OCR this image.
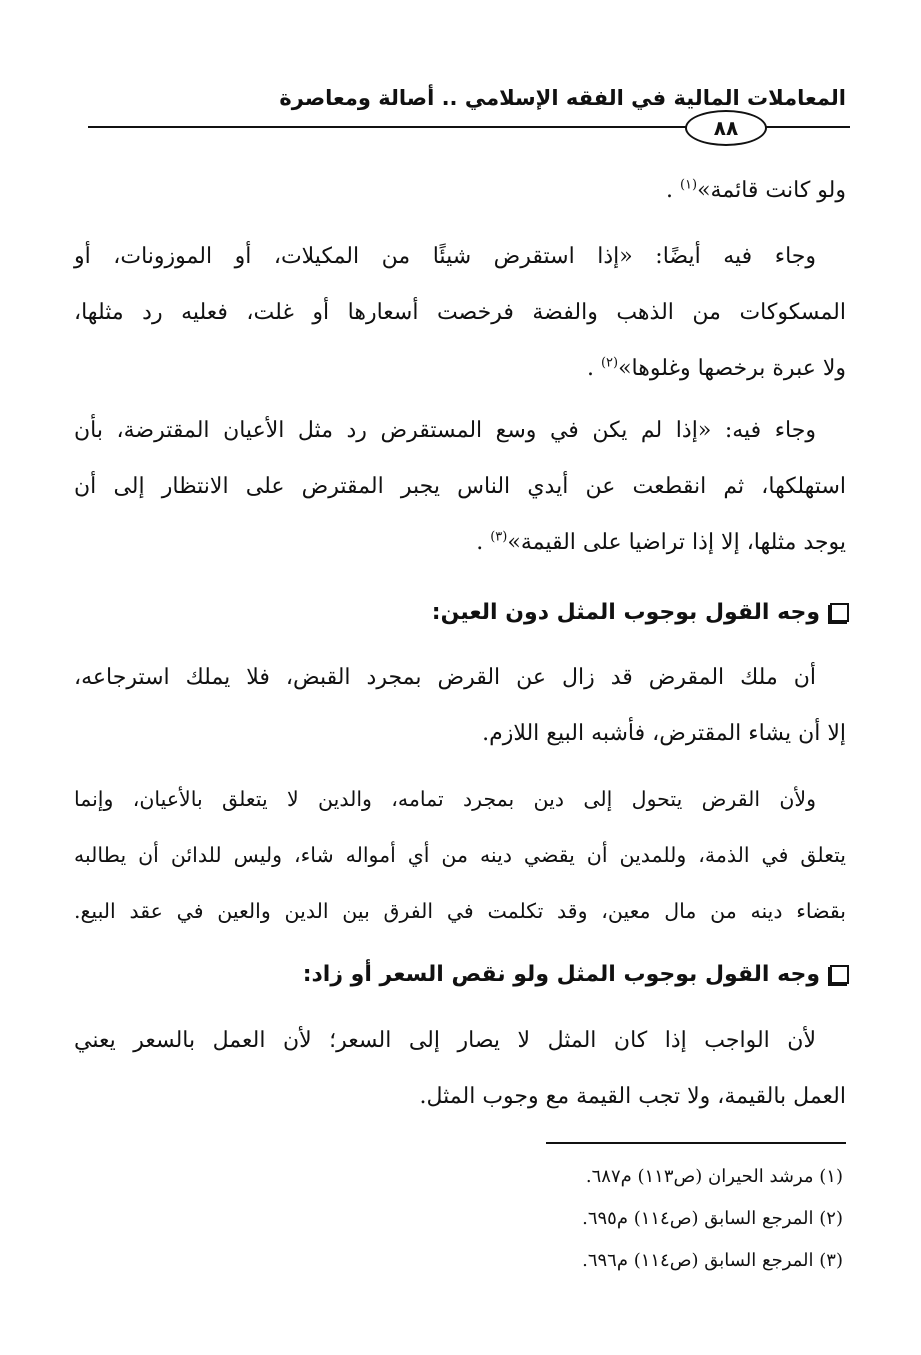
المعاملات المالية في الفقه الإسلامي .. أصالة ومعاصرة
٨٨
ولو كانت قائمة»$^{(١)}$ .
وجاء فيه أيضًا: «إذا استقرض شيئًا من المكيلات، أو الموزونات، أو
المسكوكات من الذهب والفضة فرخصت أسعارها أو غلت، فعليه رد مثلها،
ولا عبرة برخصها وغلوها»$^{(٢)}$ .
وجاء فيه: «إذا لم يكن في وسع المستقرض رد مثل الأعيان المقترضة، بأن
استهلكها، ثم انقطعت عن أيدي الناس يجبر المقترض على الانتظار إلى أن
يوجد مثلها، إلا إذا تراضيا على القيمة»$^{(٣)}$ .
وجه القول بوجوب المثل دون العين:
أن ملك المقرض قد زال عن القرض بمجرد القبض، فلا يملك استرجاعه،
إلا أن يشاء المقترض، فأشبه البيع اللازم.
ولأن القرض يتحول إلى دين بمجرد تمامه، والدين لا يتعلق بالأعيان، وإنما
يتعلق في الذمة، وللمدين أن يقضي دينه من أي أمواله شاء، وليس للدائن أن يطالبه
بقضاء دينه من مال معين، وقد تكلمت في الفرق بين الدين والعين في عقد البيع.
وجه القول بوجوب المثل ولو نقص السعر أو زاد:
لأن الواجب إذا كان المثل لا يصار إلى السعر؛ لأن العمل بالسعر يعني
العمل بالقيمة، ولا تجب القيمة مع وجوب المثل.
(١) مرشد الحيران (ص١١٣) م٦٨٧.
(٢) المرجع السابق (ص١١٤) م٦٩٥.
(٣) المرجع السابق (ص١١٤) م٦٩٦.
